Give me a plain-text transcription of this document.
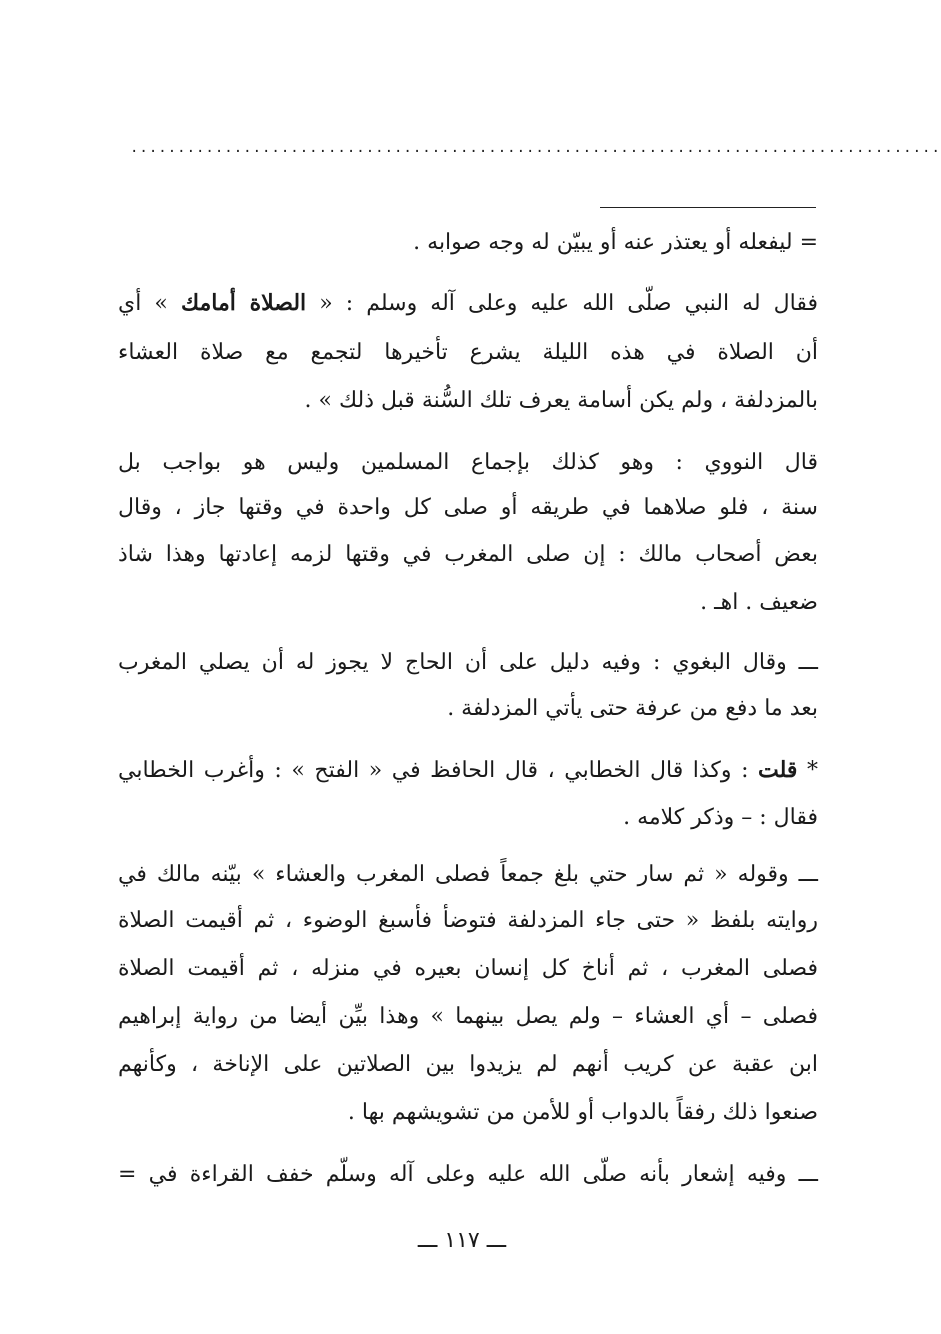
......................................................................................
= ليفعله أو يعتذر عنه أو يبيّن له وجه صوابه .
فقال له النبي صلّى الله عليه وعلى آله وسلم : « الصلاة أمامك » أي
أن الصلاة في هذه الليلة يشرع تأخيرها لتجمع مع صلاة العشاء
بالمزدلفة ، ولم يكن أسامة يعرف تلك السُّنة قبل ذلك » .
قال النووي : وهو كذلك بإجماع المسلمين وليس هو بواجب بل
سنة ، فلو صلاهما في طريقه أو صلى كل واحدة في وقتها جاز ، وقال
بعض أصحاب مالك : إن صلى المغرب في وقتها لزمه إعادتها وهذا شاذ
ضعيف . اهـ .
ـــ وقال البغوي : وفيه دليل على أن الحاج لا يجوز له أن يصلي المغرب
بعد ما دفع من عرفة حتى يأتي المزدلفة .
* قلت : وكذا قال الخطابي ، قال الحافظ في « الفتح » : وأغرب الخطابي
فقال : – وذكر كلامه .
ـــ وقوله « ثم سار حتي بلغ جمعاً فصلى المغرب والعشاء » بيّنه مالك في
روايته بلفظ « حتى جاء المزدلفة فتوضأ فأسبغ الوضوء ، ثم أقيمت الصلاة
فصلى المغرب ، ثم أناخ كل إنسان بعيره في منزله ، ثم أقيمت الصلاة
فصلى – أي العشاء – ولم يصل بينهما » وهذا بيِّن أيضا من رواية إبراهيم
ابن عقبة عن كريب أنهم لم يزيدوا بين الصلاتين على الإناخة ، وكأنهم
صنعوا ذلك رفقاً بالدواب أو للأمن من تشويشهم بها .
ـــ وفيه إشعار بأنه صلّى الله عليه وعلى آله وسلّم خفف القراءة في =
ـــ ١١٧ ـــ
